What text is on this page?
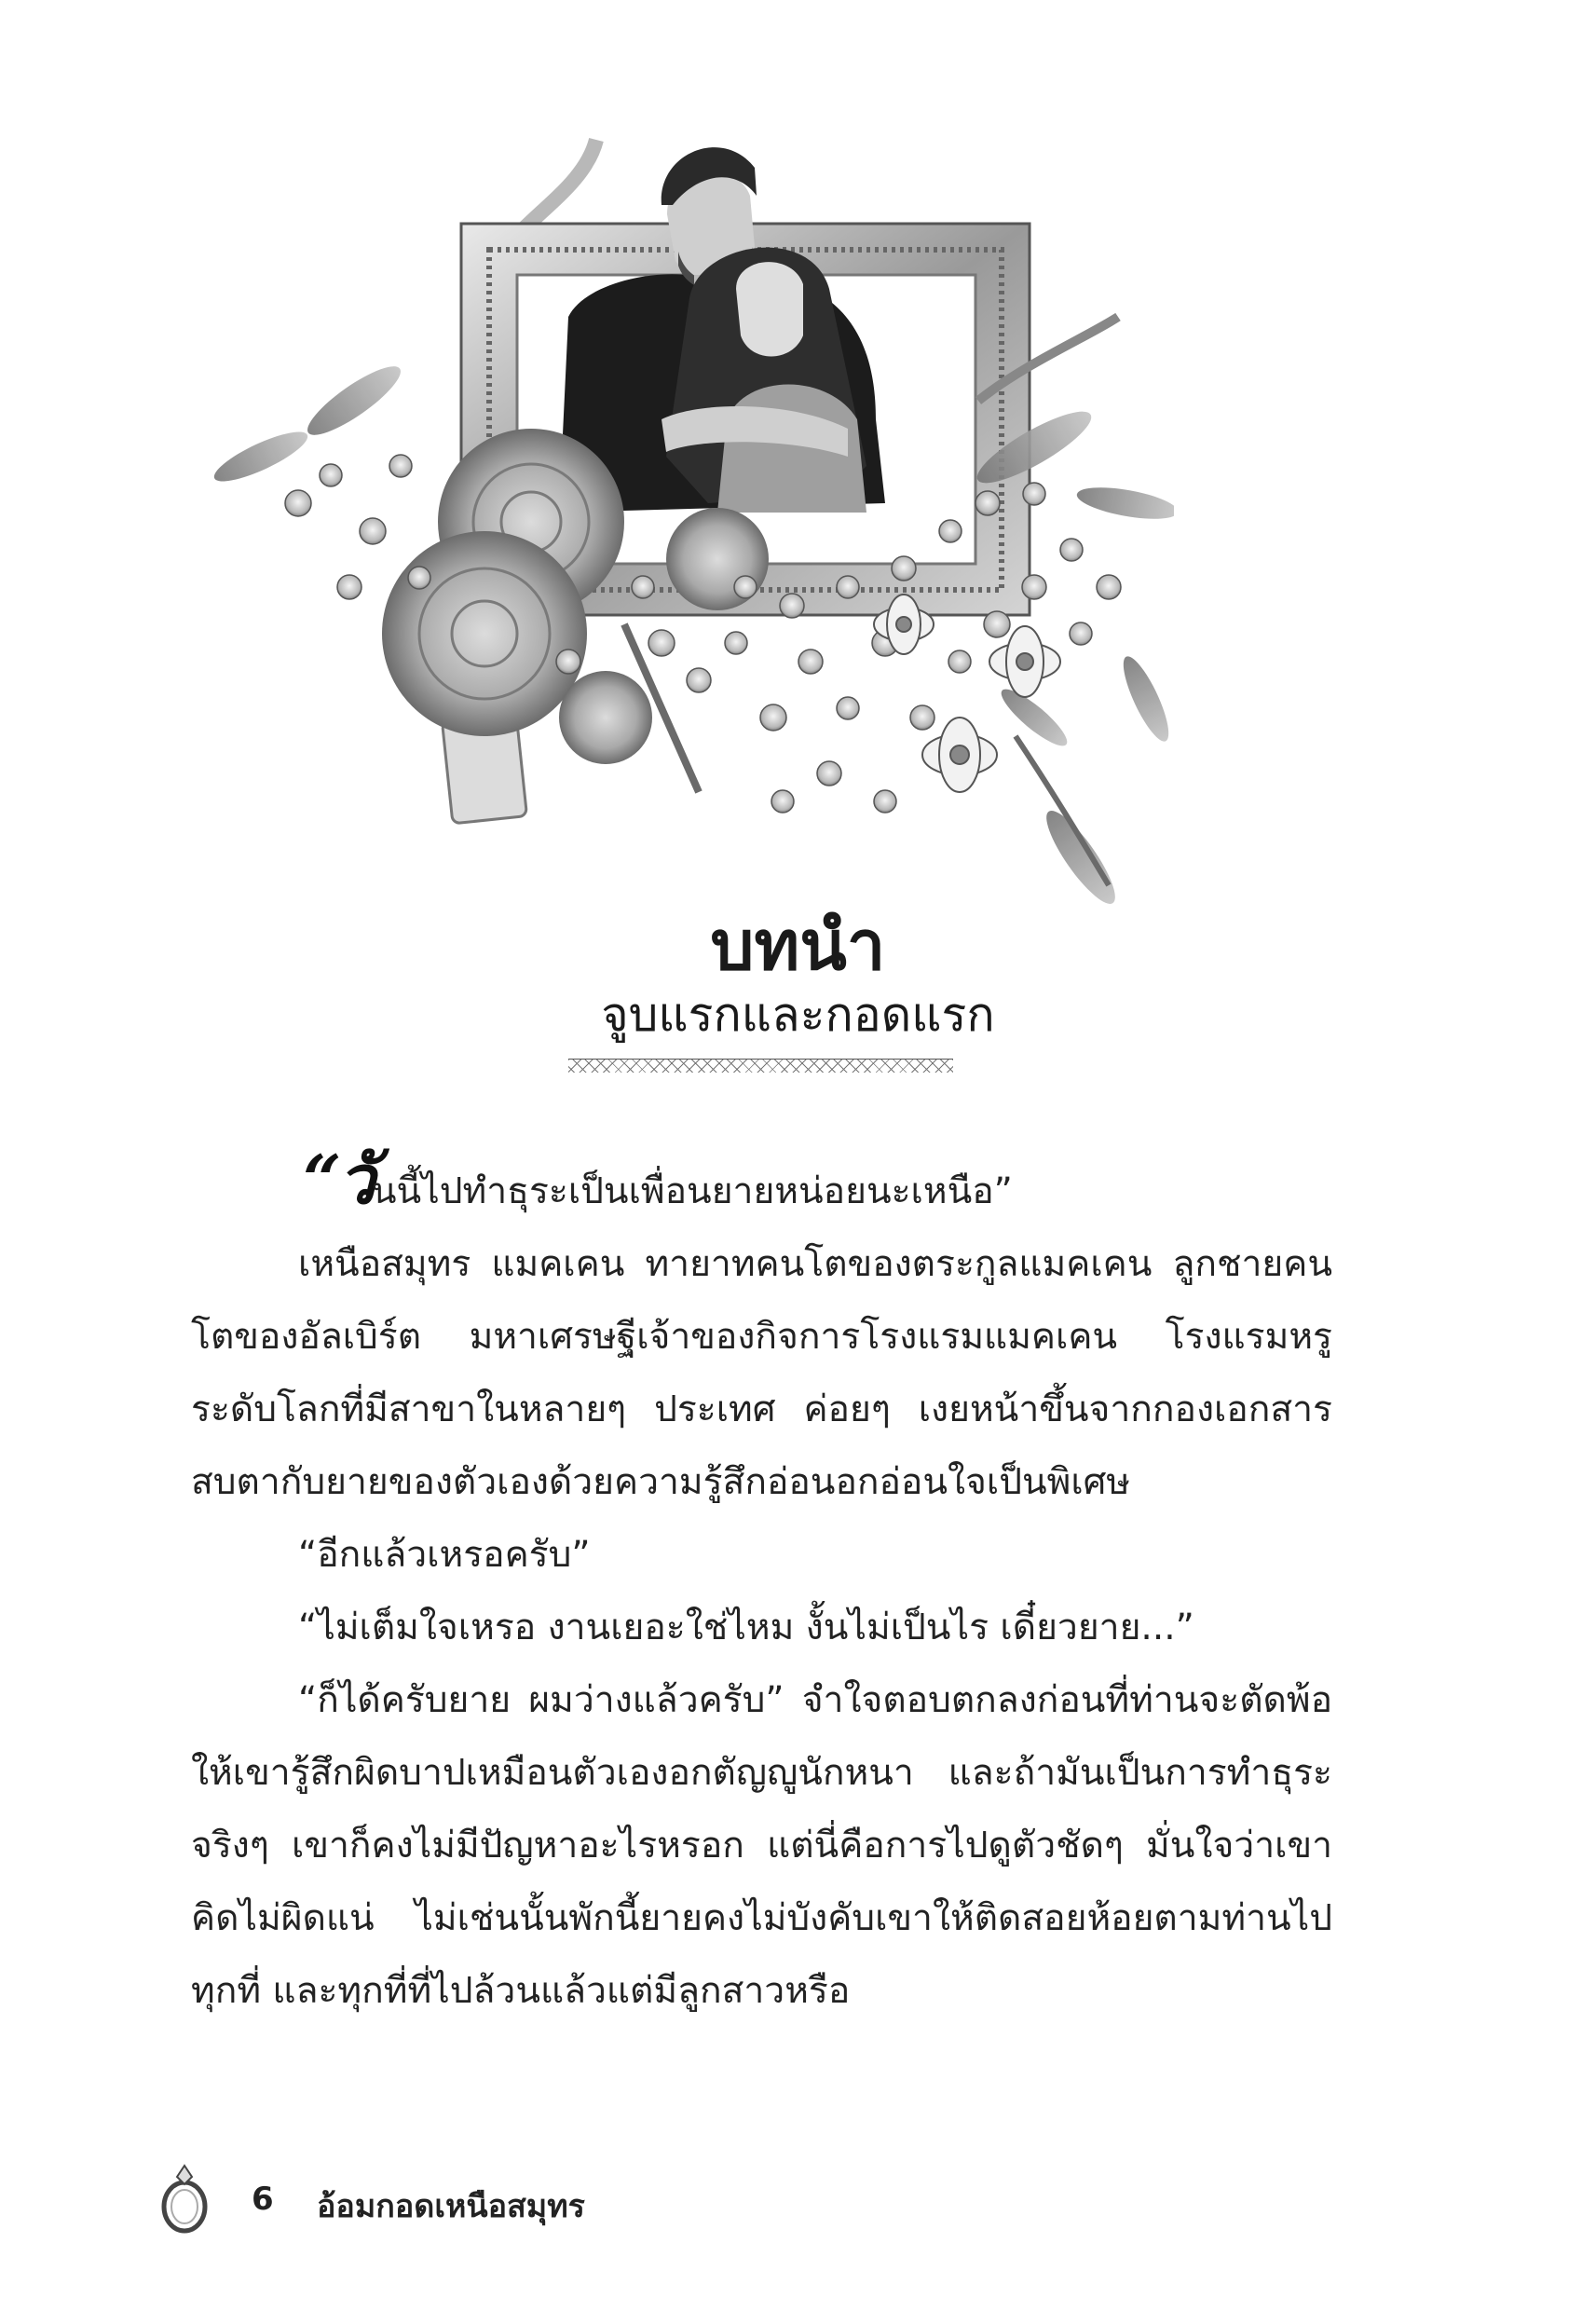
บทนำ
จูบแรกและกอดแรก

“วันนี้ไปทำธุระเป็นเพื่อนยายหน่อยนะเหนือ”

เหนือสมุทร แมคเคน ทายาทคนโตของตระกูลแมคเคน ลูกชายคนโตของอัลเบิร์ต มหาเศรษฐีเจ้าของกิจการโรงแรมแมคเคน โรงแรมหรูระดับโลกที่มีสาขาในหลายๆ ประเทศ ค่อยๆ เงยหน้าขึ้นจากกองเอกสาร สบตากับยายของตัวเองด้วยความรู้สึกอ่อนอกอ่อนใจเป็นพิเศษ

“อีกแล้วเหรอครับ”

“ไม่เต็มใจเหรอ งานเยอะใช่ไหม งั้นไม่เป็นไร เดี๋ยวยาย...”

“ก็ได้ครับยาย ผมว่างแล้วครับ” จำใจตอบตกลงก่อนที่ท่านจะตัดพ้อให้เขารู้สึกผิดบาปเหมือนตัวเองอกตัญญูนักหนา และถ้ามันเป็นการทำธุระจริงๆ เขาก็คงไม่มีปัญหาอะไรหรอก แต่นี่คือการไปดูตัวชัดๆ มั่นใจว่าเขาคิดไม่ผิดแน่ ไม่เช่นนั้นพักนี้ยายคงไม่บังคับเขาให้ติดสอยห้อยตามท่านไปทุกที่ และทุกที่ที่ไปล้วนแล้วแต่มีลูกสาวหรือ

6 อ้อมกอดเหนือสมุทร
